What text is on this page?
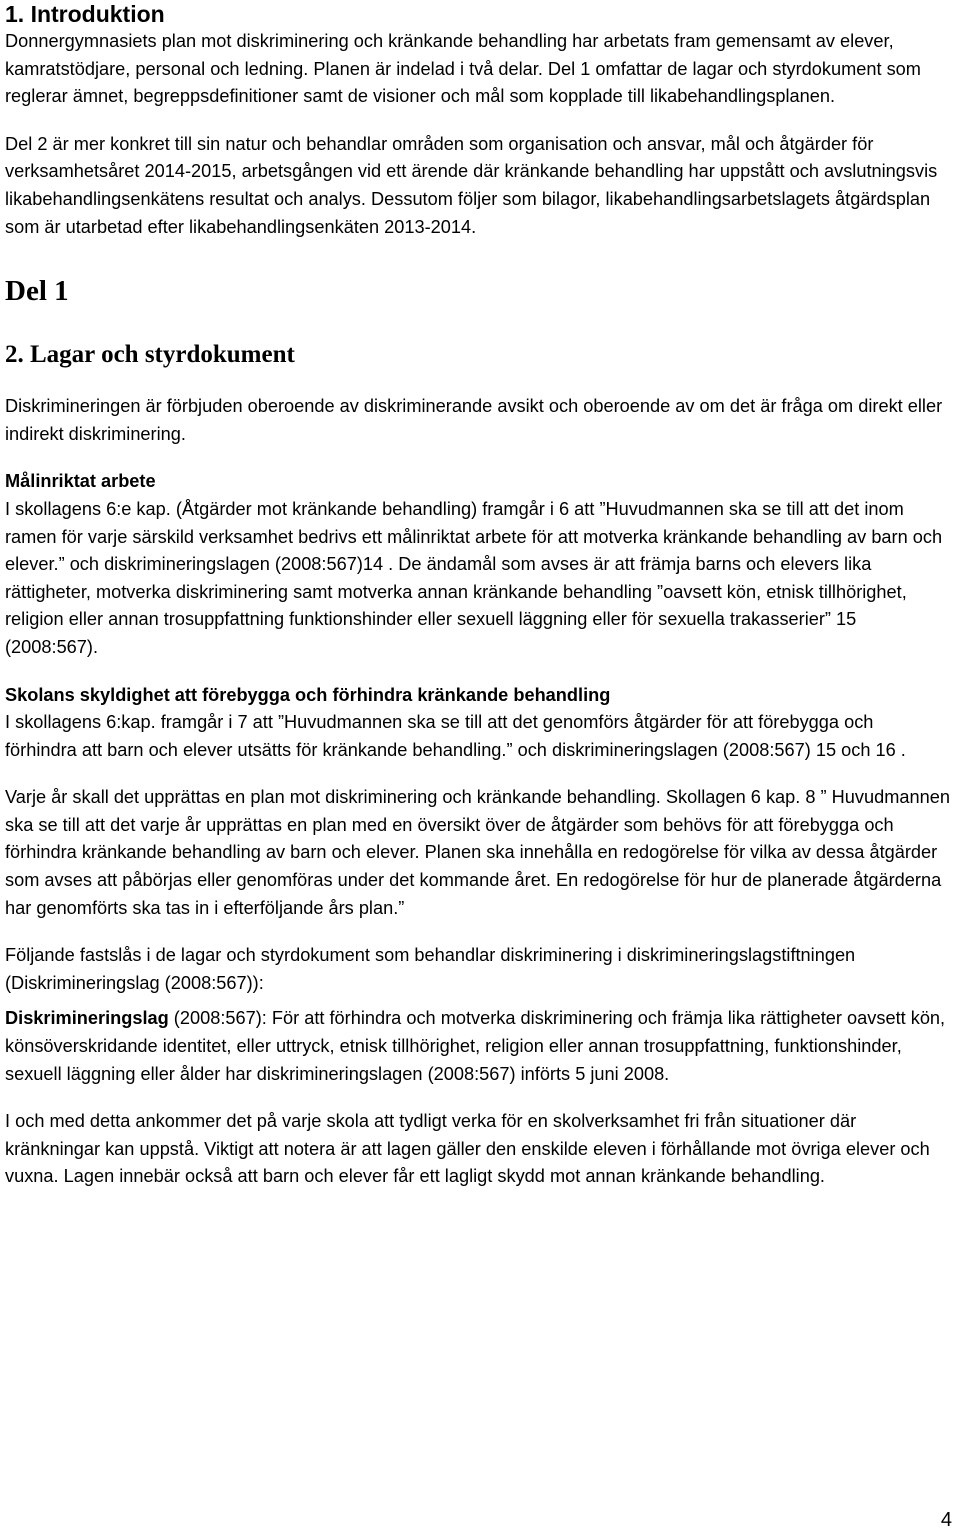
1. Introduktion

Donnergymnasiets plan mot diskriminering och kränkande behandling har arbetats fram gemensamt av elever, kamratstödjare, personal och ledning. Planen är indelad i två delar. Del 1 omfattar de lagar och styrdokument som reglerar ämnet, begreppsdefinitioner samt de visioner och mål som kopplade till likabehandlingsplanen.

Del 2 är mer konkret till sin natur och behandlar områden som organisation och ansvar, mål och åtgärder för verksamhetsåret 2014-2015, arbetsgången vid ett ärende där kränkande behandling har uppstått och avslutningsvis likabehandlingsenkätens resultat och analys. Dessutom följer som bilagor, likabehandlingsarbetslagets åtgärdsplan som är utarbetad efter likabehandlingsenkäten 2013-2014.

Del 1
2. Lagar och styrdokument

Diskrimineringen är förbjuden oberoende av diskriminerande avsikt och oberoende av om det är fråga om direkt eller indirekt diskriminering.

Målinriktat arbete

I skollagens 6:e kap. (Åtgärder mot kränkande behandling) framgår i 6 att ”Huvudmannen ska se till att det inom ramen för varje särskild verksamhet bedrivs ett målinriktat arbete för att motverka kränkande behandling av barn och elever.” och diskrimineringslagen (2008:567)14 . De ändamål som avses är att främja barns och elevers lika rättigheter, motverka diskriminering samt motverka annan kränkande behandling ”oavsett kön, etnisk tillhörighet, religion eller annan trosuppfattning funktionshinder eller sexuell läggning eller för sexuella trakasserier” 15 (2008:567).

Skolans skyldighet att förebygga och förhindra kränkande behandling

I skollagens 6:kap. framgår i 7 att ”Huvudmannen ska se till att det genomförs åtgärder för att förebygga och förhindra att barn och elever utsätts för kränkande behandling.” och diskrimineringslagen (2008:567) 15 och 16 .

Varje år skall det upprättas en plan mot diskriminering och kränkande behandling. Skollagen 6 kap. 8 ” Huvudmannen ska se till att det varje år upprättas en plan med en översikt över de åtgärder som behövs för att förebygga och förhindra kränkande behandling av barn och elever. Planen ska innehålla en redogörelse för vilka av dessa åtgärder som avses att påbörjas eller genomföras under det kommande året. En redogörelse för hur de planerade åtgärderna har genomförts ska tas in i efterföljande års plan.”

Följande fastslås i de lagar och styrdokument som behandlar diskriminering i diskrimineringslagstiftningen (Diskrimineringslag (2008:567)):

Diskrimineringslag (2008:567): För att förhindra och motverka diskriminering och främja lika rättigheter oavsett kön, könsöverskridande identitet, eller uttryck, etnisk tillhörighet, religion eller annan trosuppfattning, funktionshinder, sexuell läggning eller ålder har diskrimineringslagen (2008:567) införts 5 juni 2008.

I och med detta ankommer det på varje skola att tydligt verka för en skolverksamhet fri från situationer där kränkningar kan uppstå. Viktigt att notera är att lagen gäller den enskilde eleven i förhållande mot övriga elever och vuxna. Lagen innebär också att barn och elever får ett lagligt skydd mot annan kränkande behandling.

4
